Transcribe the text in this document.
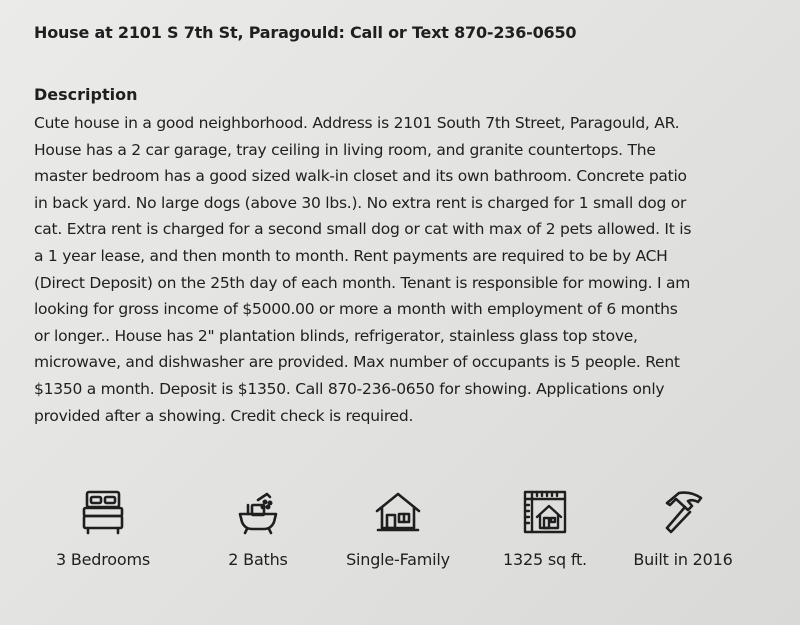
House at 2101 S 7th St, Paragould: Call or Text 870-236-0650
Description
Cute house in a good neighborhood. Address is 2101 South 7th Street, Paragould, AR.
House has a 2 car garage, tray ceiling in living room, and granite countertops. The
master bedroom has a good sized walk-in closet and its own bathroom. Concrete patio
in back yard. No large dogs (above 30 lbs.). No extra rent is charged for 1 small dog or
cat. Extra rent is charged for a second small dog or cat with max of 2 pets allowed. It is
a 1 year lease, and then month to month. Rent payments are required to be by ACH
(Direct Deposit) on the 25th day of each month. Tenant is responsible for mowing. I am
looking for gross income of $5000.00 or more a month with employment of 6 months
or longer.. House has 2" plantation blinds, refrigerator, stainless glass top stove,
microwave, and dishwasher are provided. Max number of occupants is 5 people. Rent
$1350 a month. Deposit is $1350. Call 870-236-0650 for showing. Applications only
provided after a showing. Credit check is required.
3 Bedrooms	2 Baths	Single-Family	1325 sq ft.	Built in 2016
